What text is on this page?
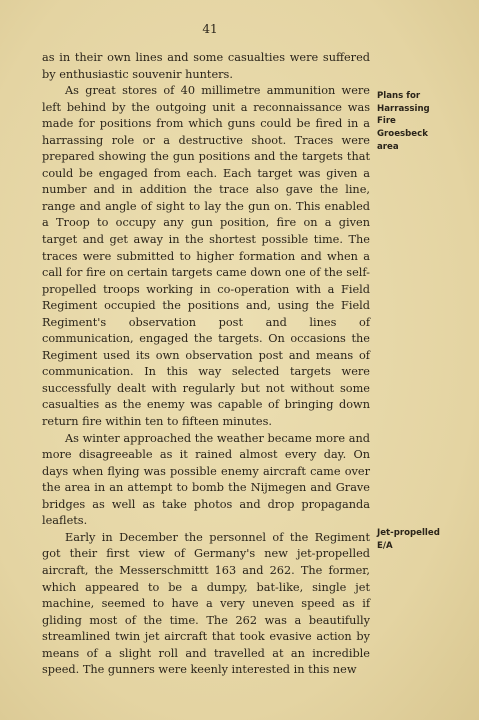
41

as in their own lines and some casualties were suffered by enthusiastic souvenir hunters.

As great stores of 40 millimetre ammunition were left behind by the outgoing unit a reconnaissance was made for positions from which guns could be fired in a harrassing role or a destructive shoot. Traces were prepared showing the gun positions and the targets that could be engaged from each. Each target was given a number and in addition the trace also gave the line, range and angle of sight to lay the gun on. This enabled a Troop to occupy any gun position, fire on a given target and get away in the shortest possible time. The traces were submitted to higher formation and when a call for fire on certain targets came down one of the self-propelled troops working in co-operation with a Field Regiment occupied the positions and, using the Field Regiment's observation post and lines of communication, engaged the targets. On occasions the Regiment used its own observation post and means of communication. In this way selected targets were successfully dealt with regularly but not without some casualties as the enemy was capable of bringing down return fire within ten to fifteen minutes.

As winter approached the weather became more and more disagreeable as it rained almost every day. On days when flying was possible enemy aircraft came over the area in an attempt to bomb the Nijmegen and Grave bridges as well as take photos and drop propaganda leaflets.

Early in December the personnel of the Regiment got their first view of Germany's new jet-propelled aircraft, the Messerschmittt 163 and 262. The former, which appeared to be a dumpy, bat-like, single jet machine, seemed to have a very uneven speed as if gliding most of the time. The 262 was a beautifully streamlined twin jet aircraft that took evasive action by means of a slight roll and travelled at an incredible speed. The gunners were keenly interested in this new

Plans for
Harrassing
Fire
Groesbeck
area
Jet-propelled
E/A
